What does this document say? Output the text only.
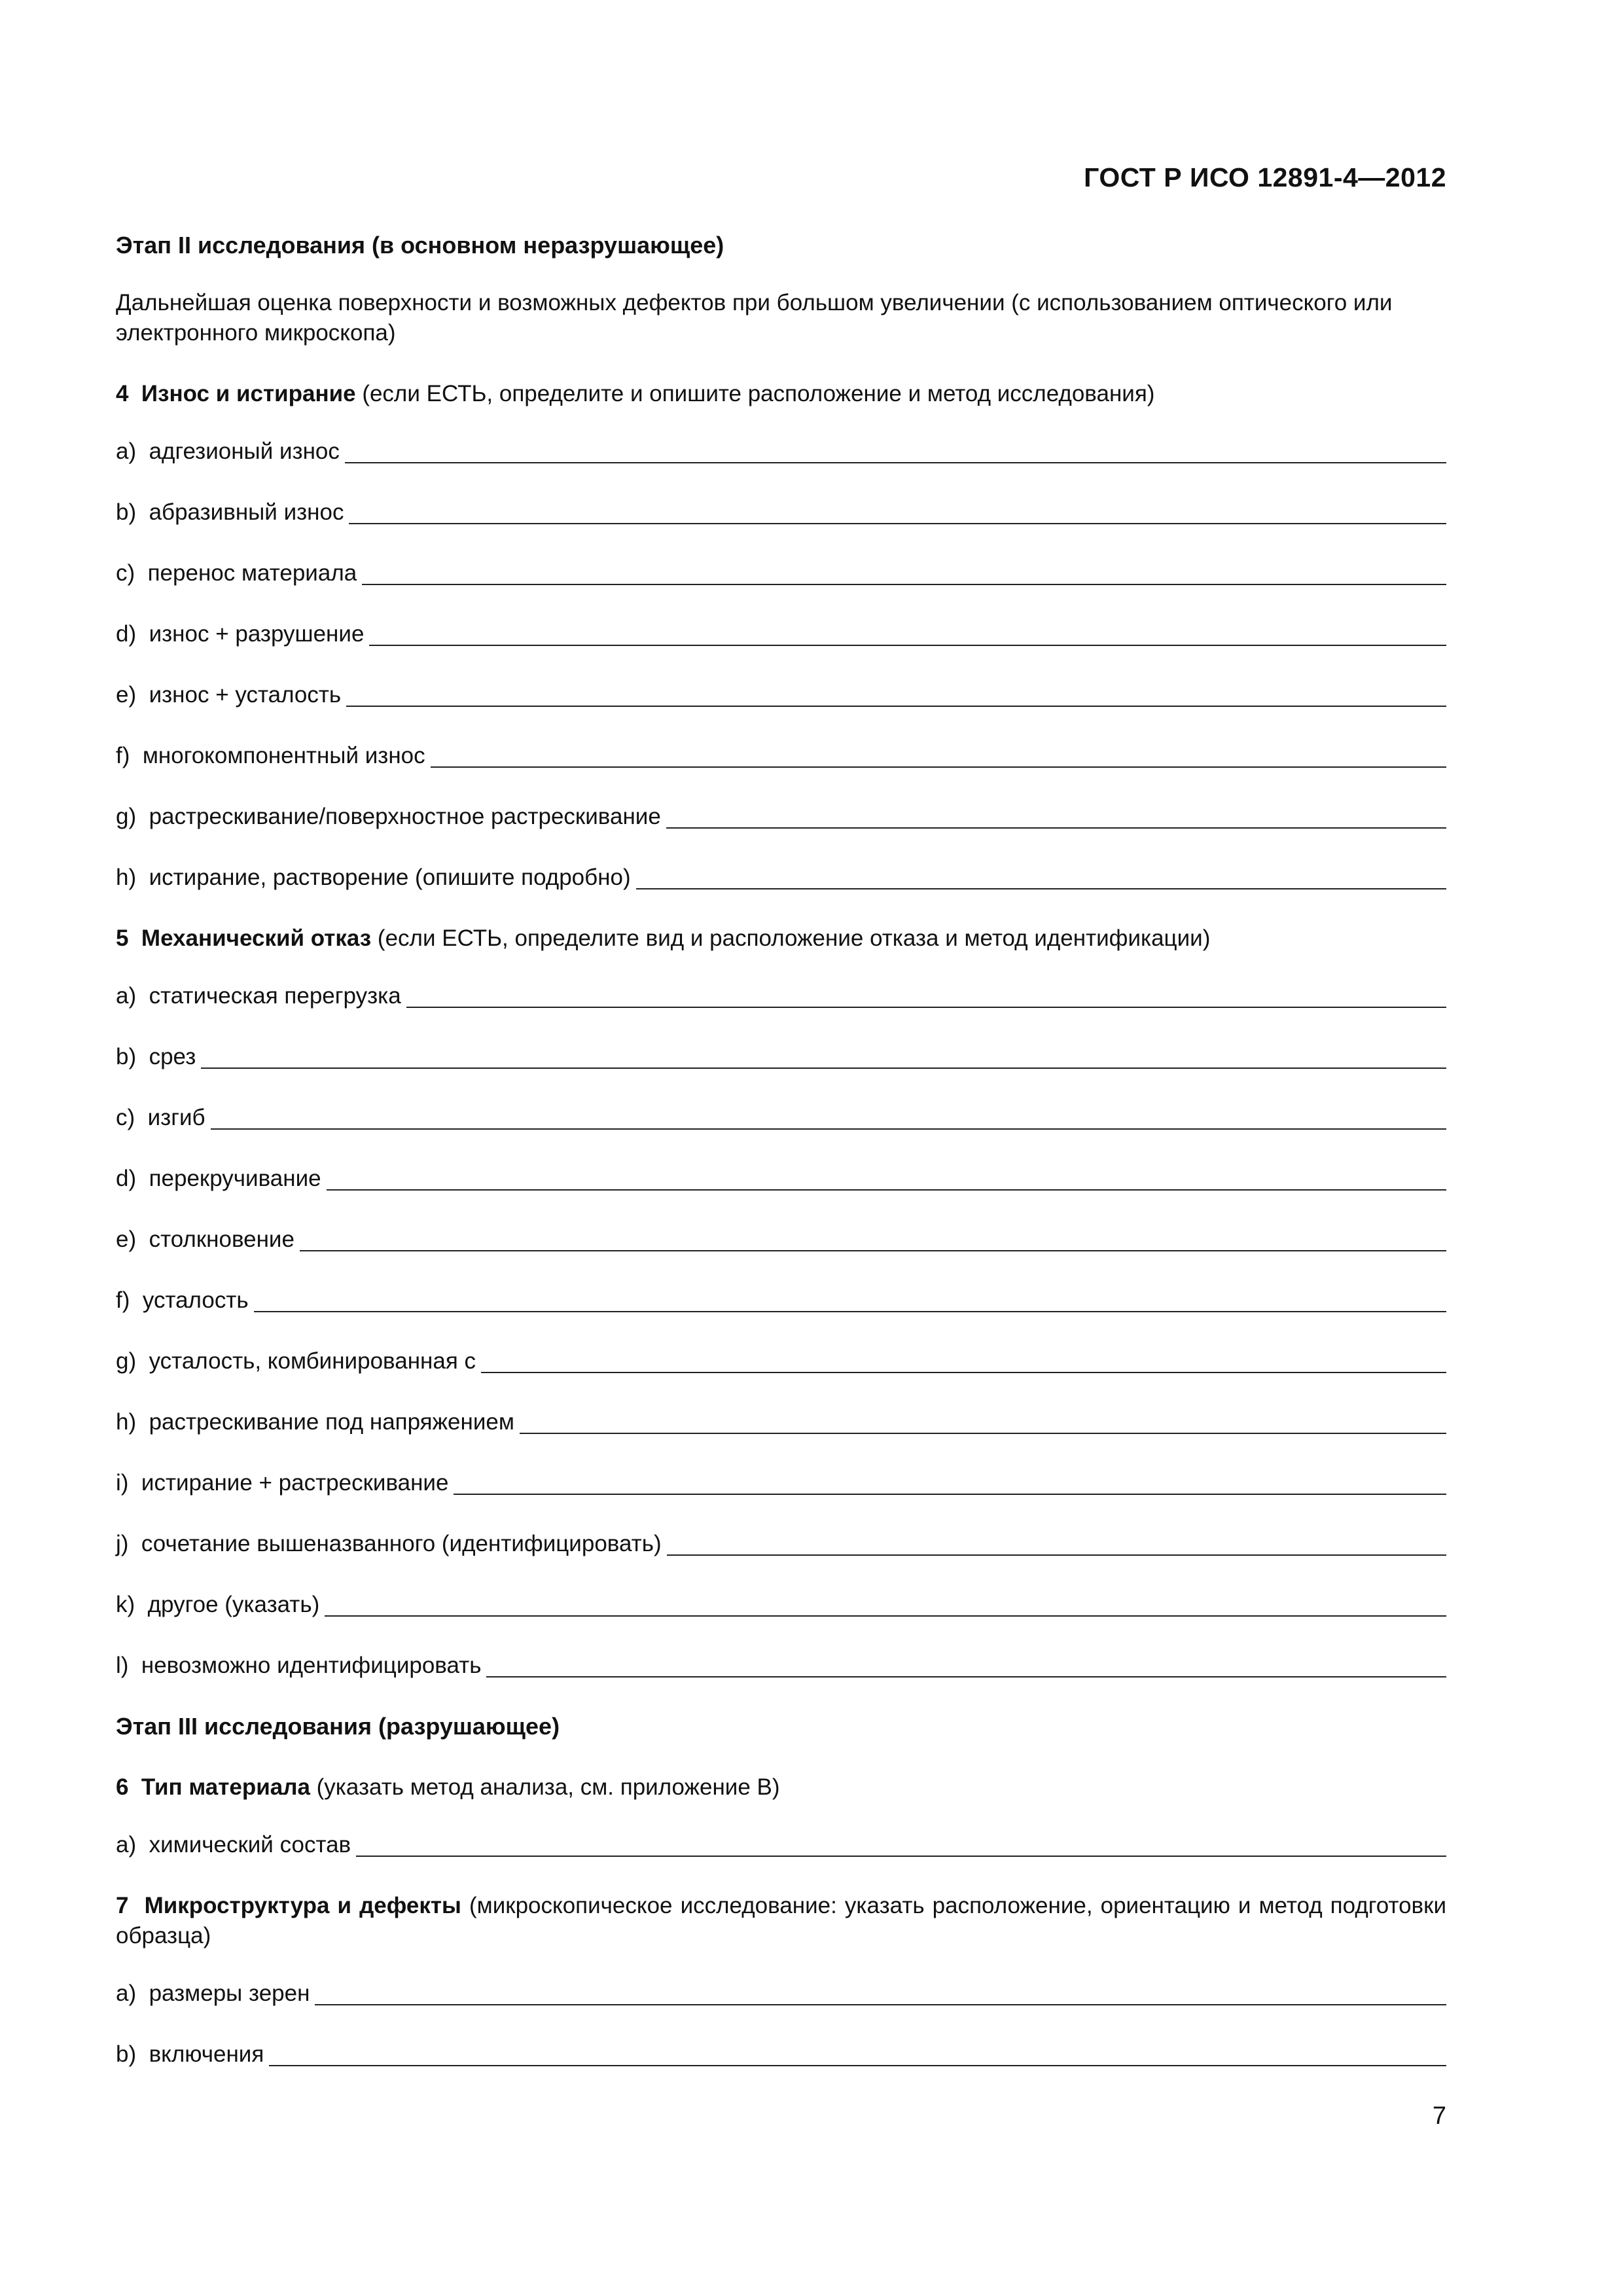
ГОСТ Р ИСО 12891-4—2012
Этап II исследования (в основном неразрушающее)
Дальнейшая оценка поверхности и возможных дефектов при большом увеличении (с использованием оптического или электронного микроскопа)
4 Износ и истирание (если ЕСТЬ, определите и опишите расположение и метод исследования)
a)
адгезионый износ
b)
абразивный износ
c)
перенос материала
d)
износ + разрушение
e)
износ + усталость
f)
многокомпонентный износ
g)
растрескивание/поверхностное растрескивание
h)
истирание, растворение (опишите подробно)
5 Механический отказ (если ЕСТЬ, определите вид и расположение отказа и метод идентификации)
a)
статическая перегрузка
b)
срез
c)
изгиб
d)
перекручивание
e)
столкновение
f)
усталость
g)
усталость, комбинированная с
h)
растрескивание под напряжением
i)
истирание + растрескивание
j)
сочетание вышеназванного (идентифицировать)
k)
другое (указать)
l)
невозможно идентифицировать
Этап III исследования (разрушающее)
6 Тип материала (указать метод анализа, см. приложение В)
a)
химический состав
7 Микроструктура и дефекты (микроскопическое исследование: указать расположение, ориентацию и метод подготовки образца)
a)
размеры зерен
b)
включения
7
